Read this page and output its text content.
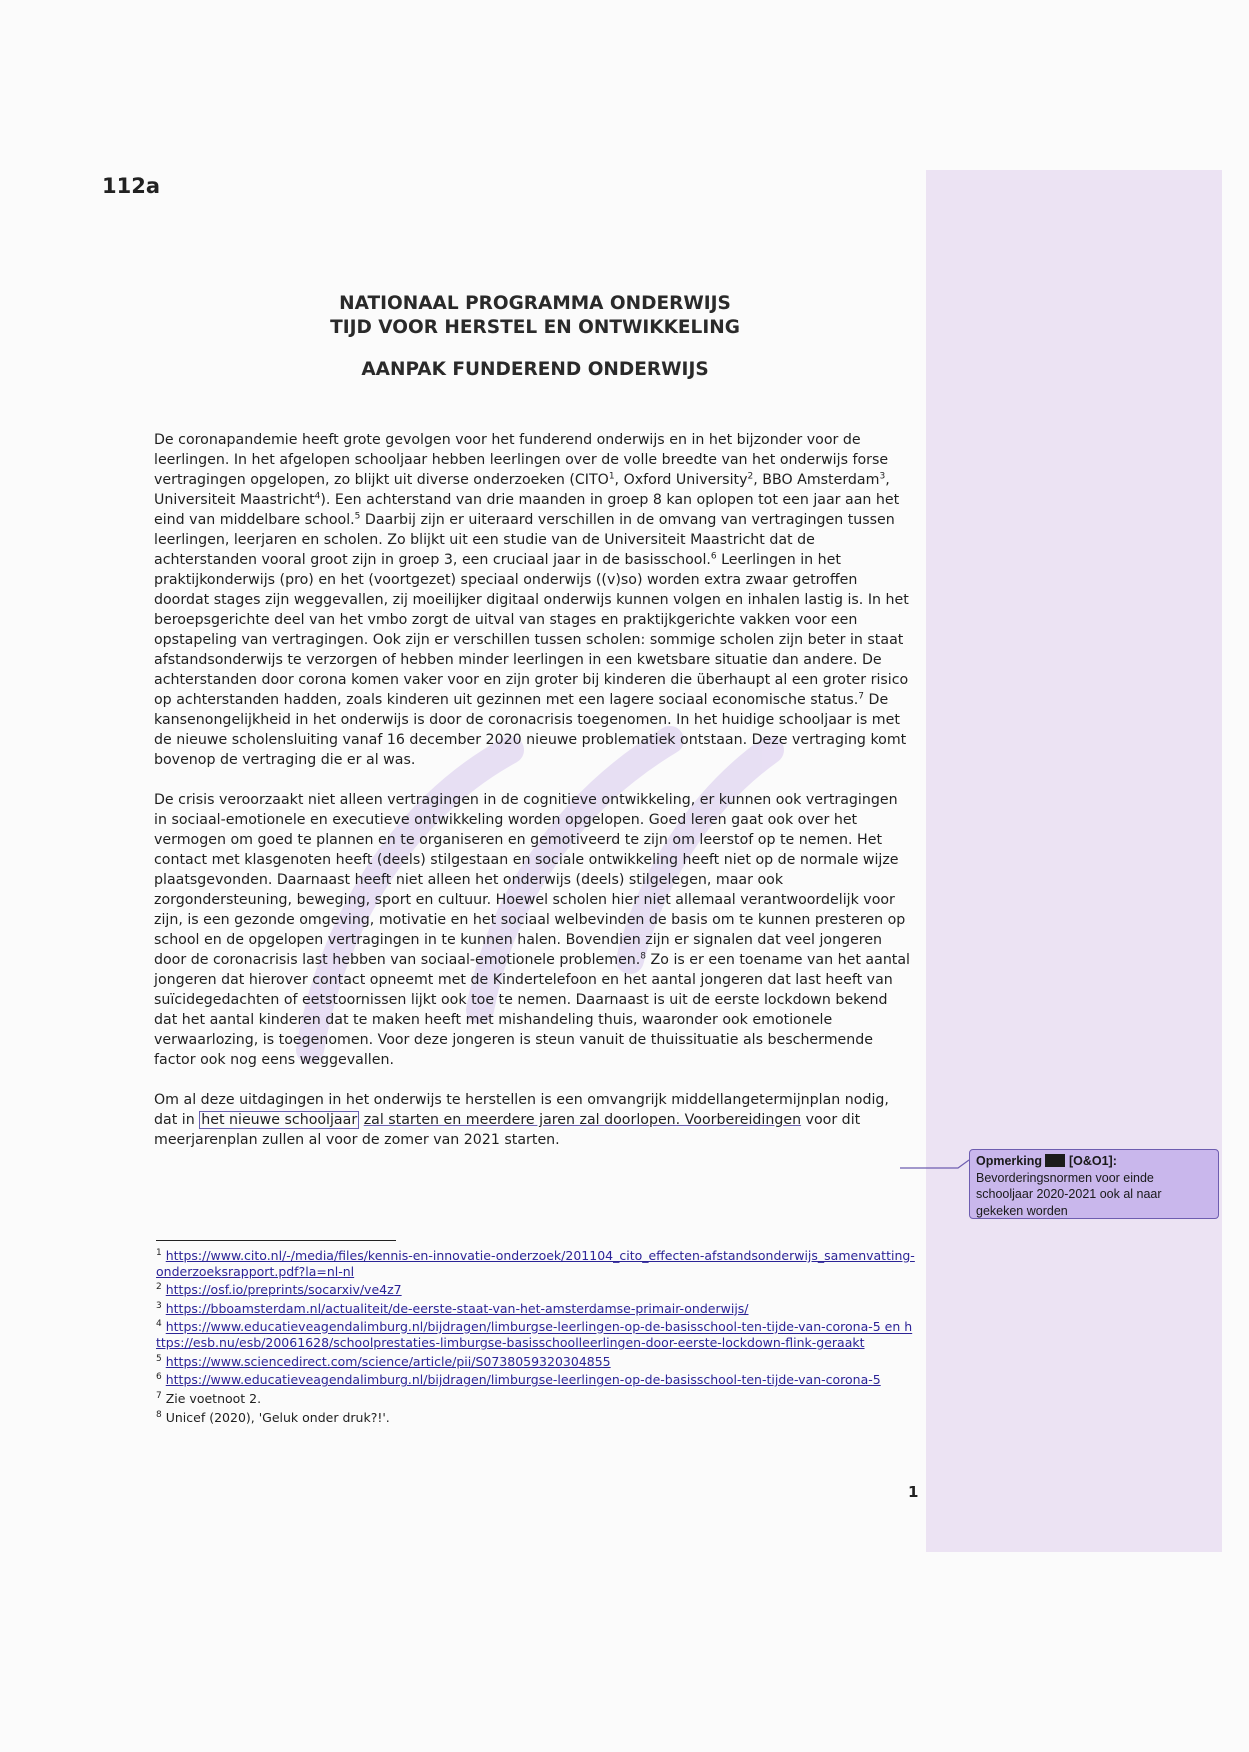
112a
NATIONAAL PROGRAMMA ONDERWIJS
TIJD VOOR HERSTEL EN ONTWIKKELING
AANPAK FUNDEREND ONDERWIJS

De coronapandemie heeft grote gevolgen voor het funderend onderwijs en in het bijzonder voor de leerlingen. In het afgelopen schooljaar hebben leerlingen over de volle breedte van het onderwijs forse vertragingen opgelopen, zo blijkt uit diverse onderzoeken (CITO$^1$, Oxford University$^2$, BBO Amsterdam$^3$, Universiteit Maastricht$^4$). Een achterstand van drie maanden in groep 8 kan oplopen tot een jaar aan het eind van middelbare school.$^5$ Daarbij zijn er uiteraard verschillen in de omvang van vertragingen tussen leerlingen, leerjaren en scholen. Zo blijkt uit een studie van de Universiteit Maastricht dat de achterstanden vooral groot zijn in groep 3, een cruciaal jaar in de basisschool.$^6$ Leerlingen in het praktijkonderwijs (pro) en het (voortgezet) speciaal onderwijs ((v)so) worden extra zwaar getroffen doordat stages zijn weggevallen, zij moeilijker digitaal onderwijs kunnen volgen en inhalen lastig is. In het beroepsgerichte deel van het vmbo zorgt de uitval van stages en praktijkgerichte vakken voor een opstapeling van vertragingen. Ook zijn er verschillen tussen scholen: sommige scholen zijn beter in staat afstandsonderwijs te verzorgen of hebben minder leerlingen in een kwetsbare situatie dan andere. De achterstanden door corona komen vaker voor en zijn groter bij kinderen die überhaupt al een groter risico op achterstanden hadden, zoals kinderen uit gezinnen met een lagere sociaal economische status.$^7$ De kansenongelijkheid in het onderwijs is door de coronacrisis toegenomen. In het huidige schooljaar is met de nieuwe scholensluiting vanaf 16 december 2020 nieuwe problematiek ontstaan. Deze vertraging komt bovenop de vertraging die er al was.

De crisis veroorzaakt niet alleen vertragingen in de cognitieve ontwikkeling, er kunnen ook vertragingen in sociaal-emotionele en executieve ontwikkeling worden opgelopen. Goed leren gaat ook over het vermogen om goed te plannen en te organiseren en gemotiveerd te zijn om leerstof op te nemen. Het contact met klasgenoten heeft (deels) stilgestaan en sociale ontwikkeling heeft niet op de normale wijze plaatsgevonden. Daarnaast heeft niet alleen het onderwijs (deels) stilgelegen, maar ook zorgondersteuning, beweging, sport en cultuur. Hoewel scholen hier niet allemaal verantwoordelijk voor zijn, is een gezonde omgeving, motivatie en het sociaal welbevinden de basis om te kunnen presteren op school en de opgelopen vertragingen in te kunnen halen. Bovendien zijn er signalen dat veel jongeren door de coronacrisis last hebben van sociaal-emotionele problemen.$^8$ Zo is er een toename van het aantal jongeren dat hierover contact opneemt met de Kindertelefoon en het aantal jongeren dat last heeft van suïcidegedachten of eetstoornissen lijkt ook toe te nemen. Daarnaast is uit de eerste lockdown bekend dat het aantal kinderen dat te maken heeft met mishandeling thuis, waaronder ook emotionele verwaarlozing, is toegenomen. Voor deze jongeren is steun vanuit de thuissituatie als beschermende factor ook nog eens weggevallen.

Om al deze uitdagingen in het onderwijs te herstellen is een omvangrijk middellangetermijnplan nodig, dat in het nieuwe schooljaar zal starten en meerdere jaren zal doorlopen. Voorbereidingen voor dit meerjarenplan zullen al voor de zomer van 2021 starten.

Opmerking [O&O1]: Bevorderingsnormen voor einde schooljaar 2020-2021 ook al naar gekeken worden
$^1$ https://www.cito.nl/-/media/files/kennis-en-innovatie-onderzoek/201104_cito_effecten-afstandsonderwijs_samenvatting-onderzoeksrapport.pdf?la=nl-nl
$^2$ https://osf.io/preprints/socarxiv/ve4z7
$^3$ https://bboamsterdam.nl/actualiteit/de-eerste-staat-van-het-amsterdamse-primair-onderwijs/
$^4$ https://www.educatieveagendalimburg.nl/bijdragen/limburgse-leerlingen-op-de-basisschool-ten-tijde-van-corona-5 en https://esb.nu/esb/20061628/schoolprestaties-limburgse-basisschoolleerlingen-door-eerste-lockdown-flink-geraakt
$^5$ https://www.sciencedirect.com/science/article/pii/S0738059320304855
$^6$ https://www.educatieveagendalimburg.nl/bijdragen/limburgse-leerlingen-op-de-basisschool-ten-tijde-van-corona-5
$^7$ Zie voetnoot 2.
$^8$ Unicef (2020), 'Geluk onder druk?!'.
1
